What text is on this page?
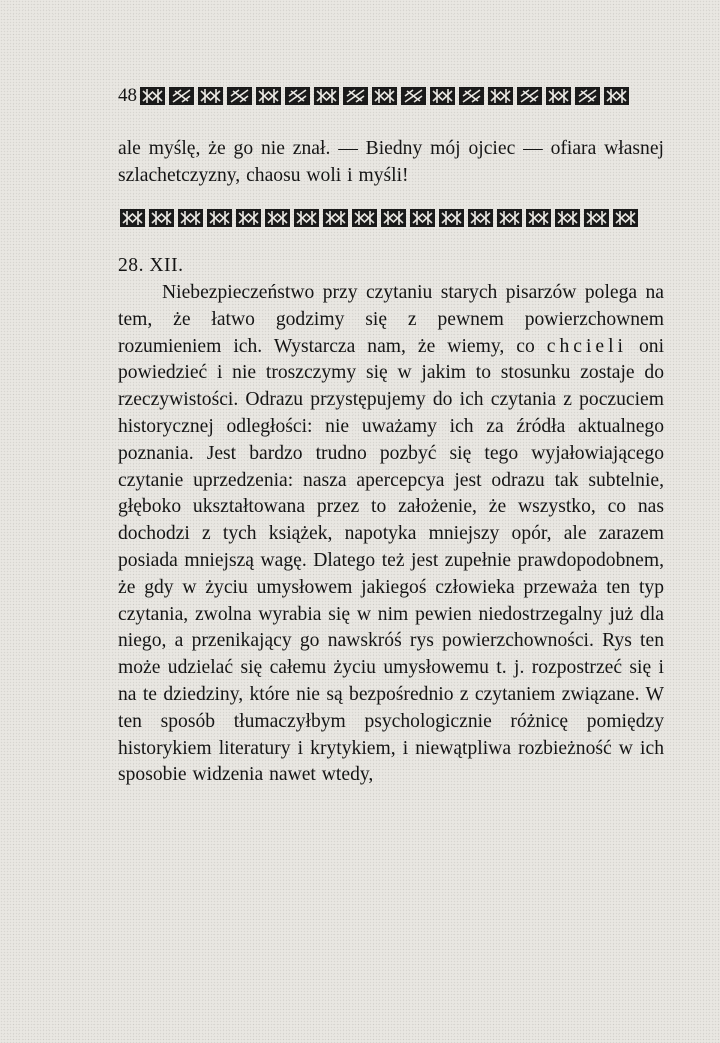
48
ale myślę, że go nie znał. — Biedny mój ojciec — ofiara własnej szlachetczyzny, chaosu woli i myśli!
28. XII.
Niebezpieczeństwo przy czytaniu starych pisarzów polega na tem, że łatwo godzimy się z pewnem powierzchownem rozumieniem ich. Wystarcza nam, że wiemy, co chcieli oni powiedzieć i nie troszczymy się w jakim to stosunku zostaje do rzeczywistości. Odrazu przystępujemy do ich czytania z poczuciem historycznej odległości: nie uważamy ich za źródła aktualnego poznania. Jest bardzo trudno pozbyć się tego wyjałowiającego czytanie uprzedzenia: nasza apercepcya jest odrazu tak subtelnie, głęboko ukształtowana przez to założenie, że wszystko, co nas dochodzi z tych książek, napotyka mniejszy opór, ale zarazem posiada mniejszą wagę. Dlatego też jest zupełnie prawdopodobnem, że gdy w życiu umysłowem jakiegoś człowieka przeważa ten typ czytania, zwolna wyrabia się w nim pewien niedostrzegalny już dla niego, a przenikający go nawskróś rys powierzchowności. Rys ten może udzielać się całemu życiu umysłowemu t. j. rozpostrzeć się i na te dziedziny, które nie są bezpośrednio z czytaniem związane. W ten sposób tłumaczyłbym psychologicznie różnicę pomiędzy historykiem literatury i krytykiem, i niewątpliwa rozbieżność w ich sposobie widzenia nawet wtedy,
